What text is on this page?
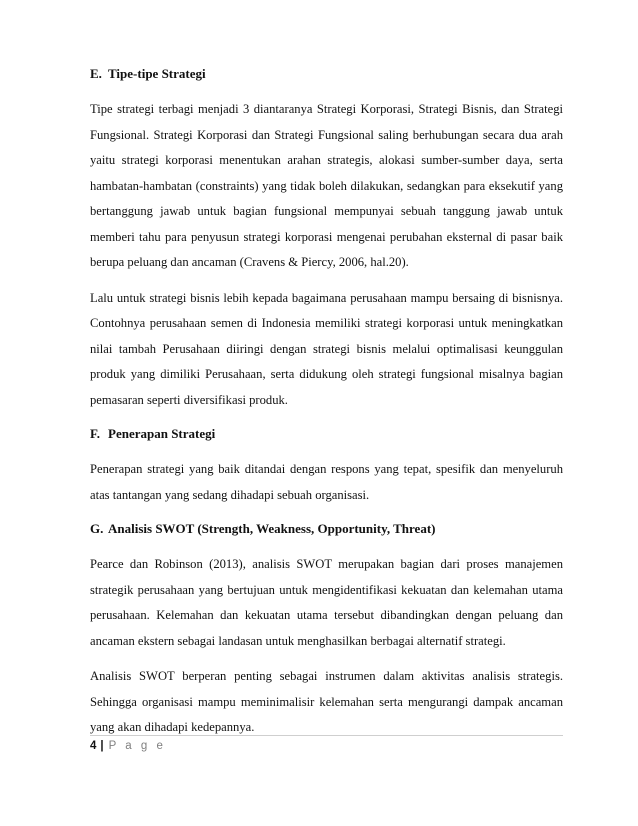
E. Tipe-tipe Strategi

Tipe strategi terbagi menjadi 3 diantaranya Strategi Korporasi, Strategi Bisnis, dan Strategi Fungsional. Strategi Korporasi dan Strategi Fungsional saling berhubungan secara dua arah yaitu strategi korporasi menentukan arahan strategis, alokasi sumber-sumber daya, serta hambatan-hambatan (constraints) yang tidak boleh dilakukan, sedangkan para eksekutif yang bertanggung jawab untuk bagian fungsional mempunyai sebuah tanggung jawab untuk memberi tahu para penyusun strategi korporasi mengenai perubahan eksternal di pasar baik berupa peluang dan ancaman (Cravens & Piercy, 2006, hal.20).

Lalu untuk strategi bisnis lebih kepada bagaimana perusahaan mampu bersaing di bisnisnya. Contohnya perusahaan semen di Indonesia memiliki strategi korporasi untuk meningkatkan nilai tambah Perusahaan diiringi dengan strategi bisnis melalui optimalisasi keunggulan produk yang dimiliki Perusahaan, serta didukung oleh strategi fungsional misalnya bagian pemasaran seperti diversifikasi produk.

F. Penerapan Strategi

Penerapan strategi yang baik ditandai dengan respons yang tepat, spesifik dan menyeluruh atas tantangan yang sedang dihadapi sebuah organisasi.

G. Analisis SWOT (Strength, Weakness, Opportunity, Threat)

Pearce dan Robinson (2013), analisis SWOT merupakan bagian dari proses manajemen strategik perusahaan yang bertujuan untuk mengidentifikasi kekuatan dan kelemahan utama perusahaan. Kelemahan dan kekuatan utama tersebut dibandingkan dengan peluang dan ancaman ekstern sebagai landasan untuk menghasilkan berbagai alternatif strategi.

Analisis SWOT berperan penting sebagai instrumen dalam aktivitas analisis strategis. Sehingga organisasi mampu meminimalisir kelemahan serta mengurangi dampak ancaman yang akan dihadapi kedepannya.

4 | P a g e
